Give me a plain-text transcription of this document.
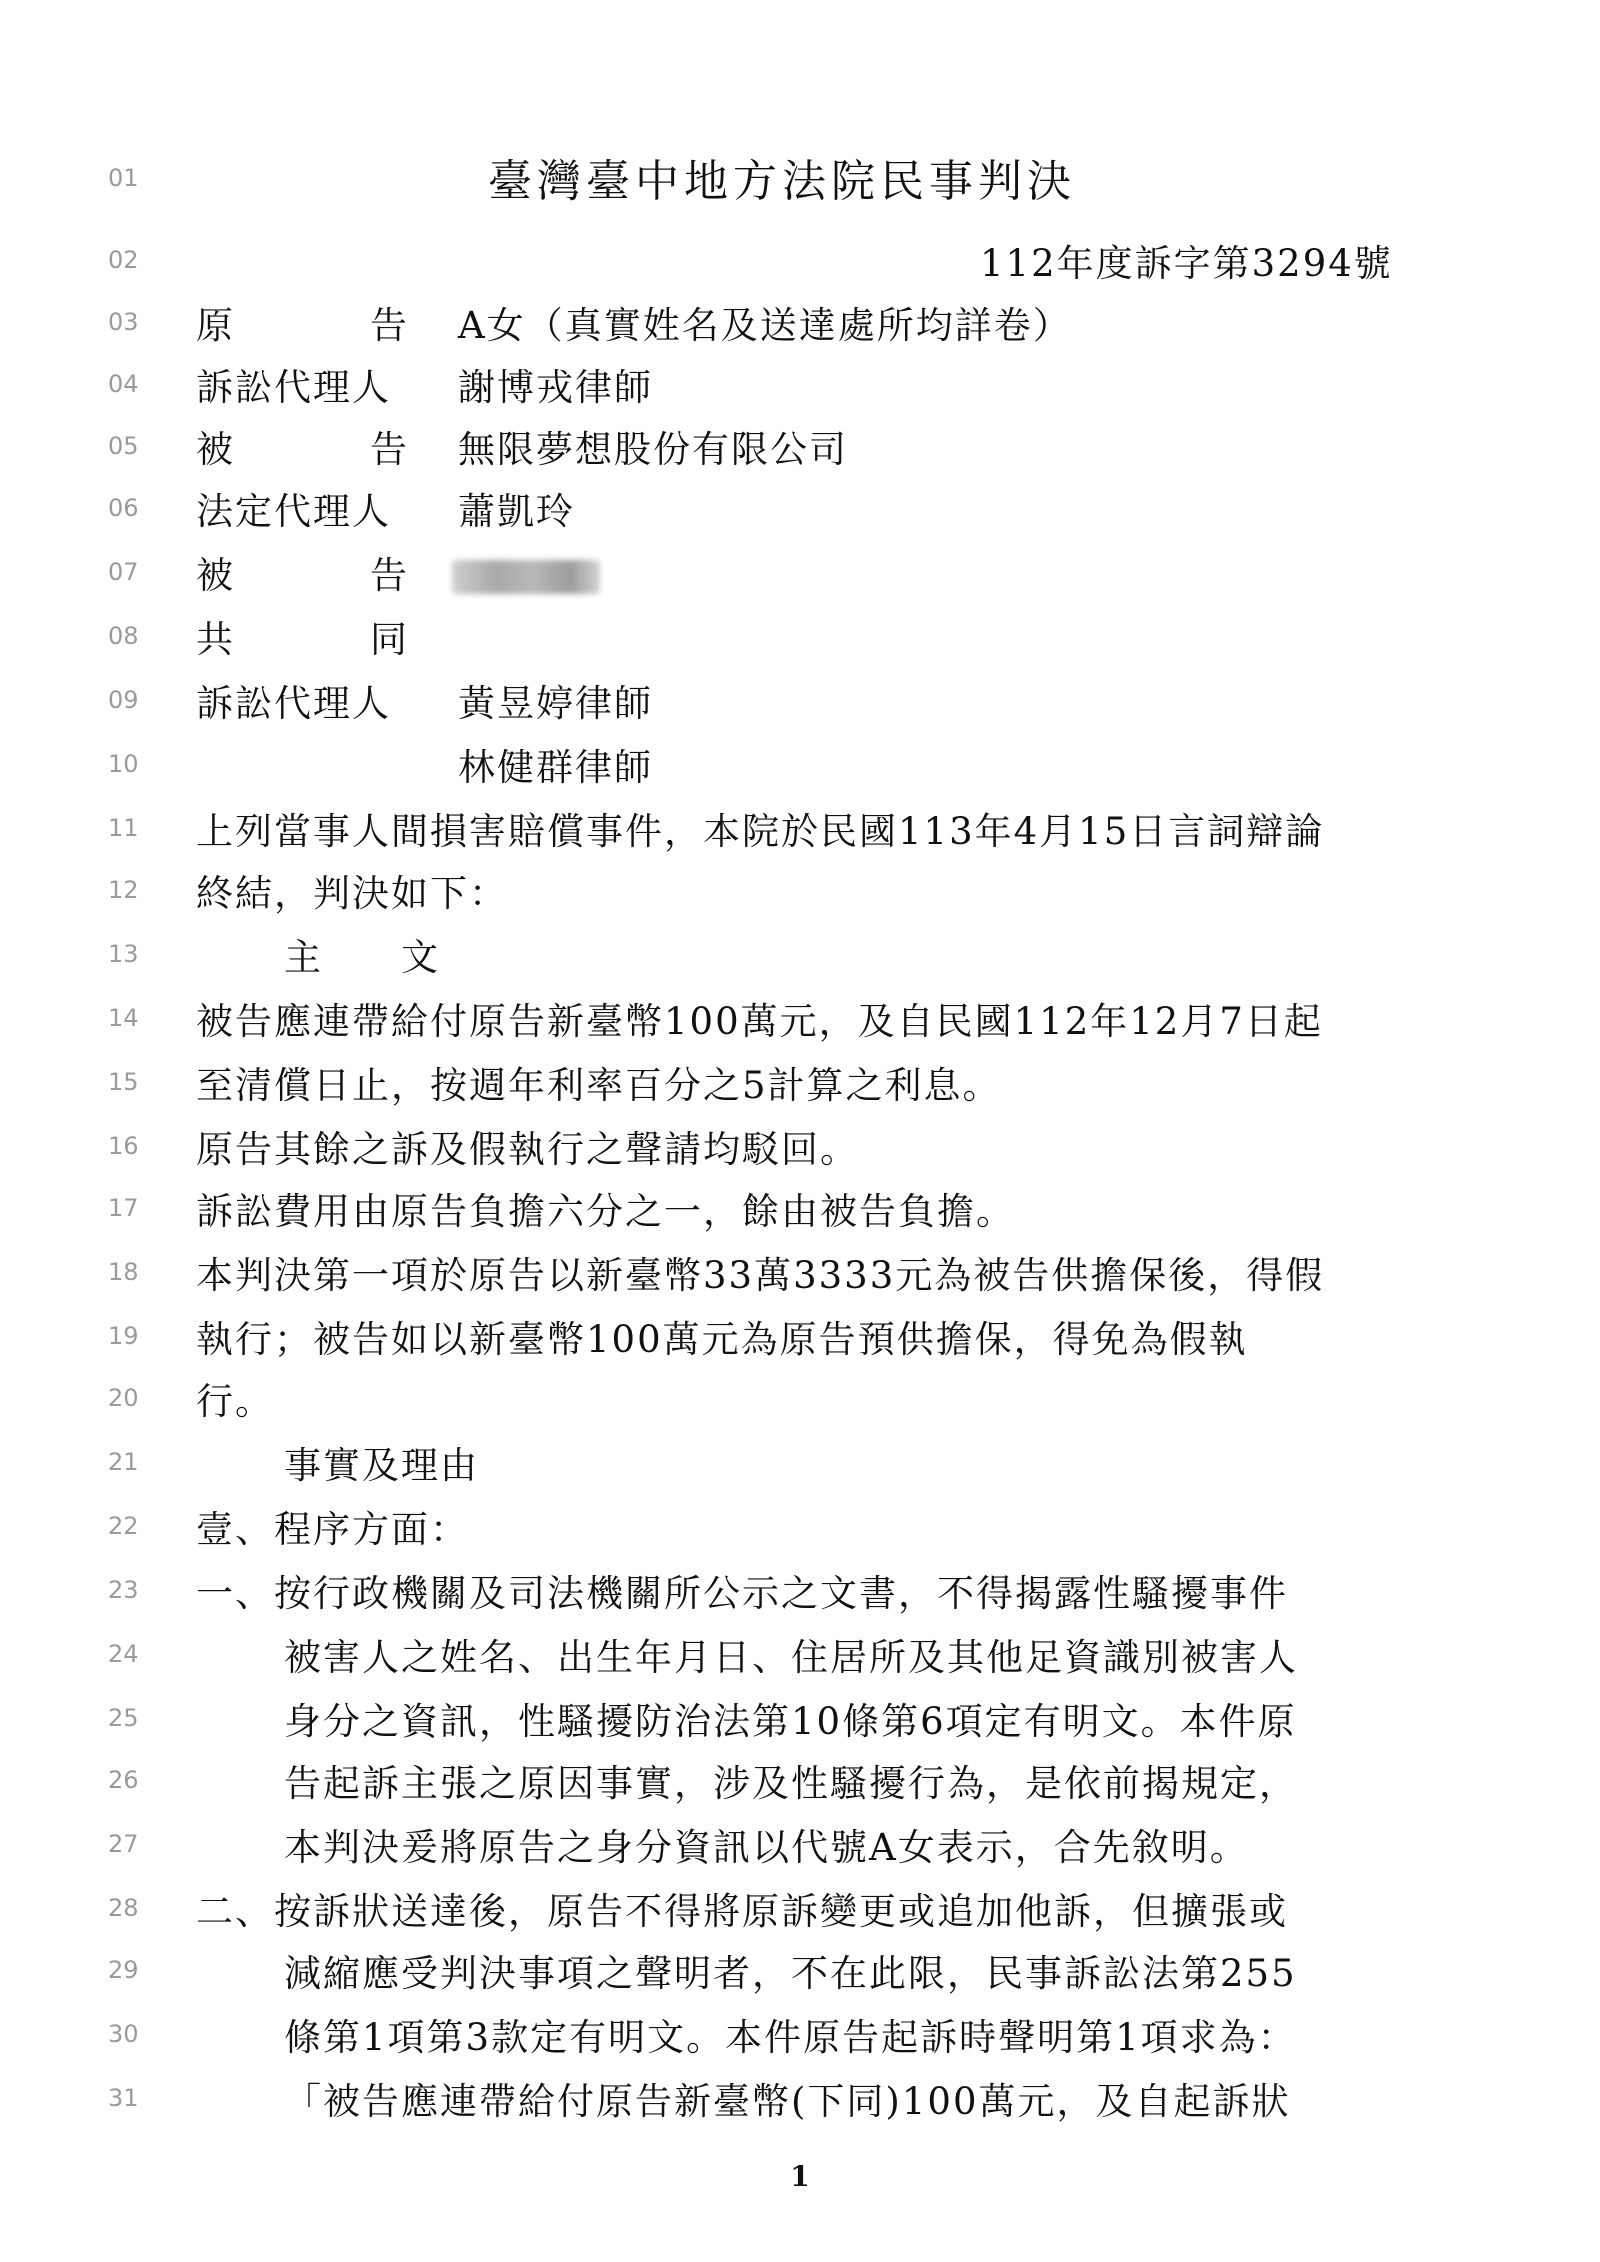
01	臺灣臺中地方法院民事判決
02	112年度訴字第3294號
03	原	告 A女（真實姓名及送達處所均詳卷）
04	訴訟代理人 謝博戎律師
05	被	告 無限夢想股份有限公司
06	法定代理人 蕭凱玲
07	被	告
08	共	同
09	訴訟代理人 黃昱婷律師
10	林健群律師
11	上列當事人間損害賠償事件，本院於民國113年4月15日言詞辯論
12	終結，判決如下：
13	主　　文
14	被告應連帶給付原告新臺幣100萬元，及自民國112年12月7日起
15	至清償日止，按週年利率百分之5計算之利息。
16	原告其餘之訴及假執行之聲請均駁回。
17	訴訟費用由原告負擔六分之一，餘由被告負擔。
18	本判決第一項於原告以新臺幣33萬3333元為被告供擔保後，得假
19	執行；被告如以新臺幣100萬元為原告預供擔保，得免為假執
20	行。
21	事實及理由
22	壹、程序方面：
23	一、按行政機關及司法機關所公示之文書，不得揭露性騷擾事件
24	被害人之姓名、出生年月日、住居所及其他足資識別被害人
25	身分之資訊，性騷擾防治法第10條第6項定有明文。本件原
26	告起訴主張之原因事實，涉及性騷擾行為，是依前揭規定，
27	本判決爰將原告之身分資訊以代號A女表示，合先敘明。
28	二、按訴狀送達後，原告不得將原訴變更或追加他訴，但擴張或
29	減縮應受判決事項之聲明者，不在此限，民事訴訟法第255
30	條第1項第3款定有明文。本件原告起訴時聲明第1項求為：
31	「被告應連帶給付原告新臺幣(下同)100萬元，及自起訴狀
1
